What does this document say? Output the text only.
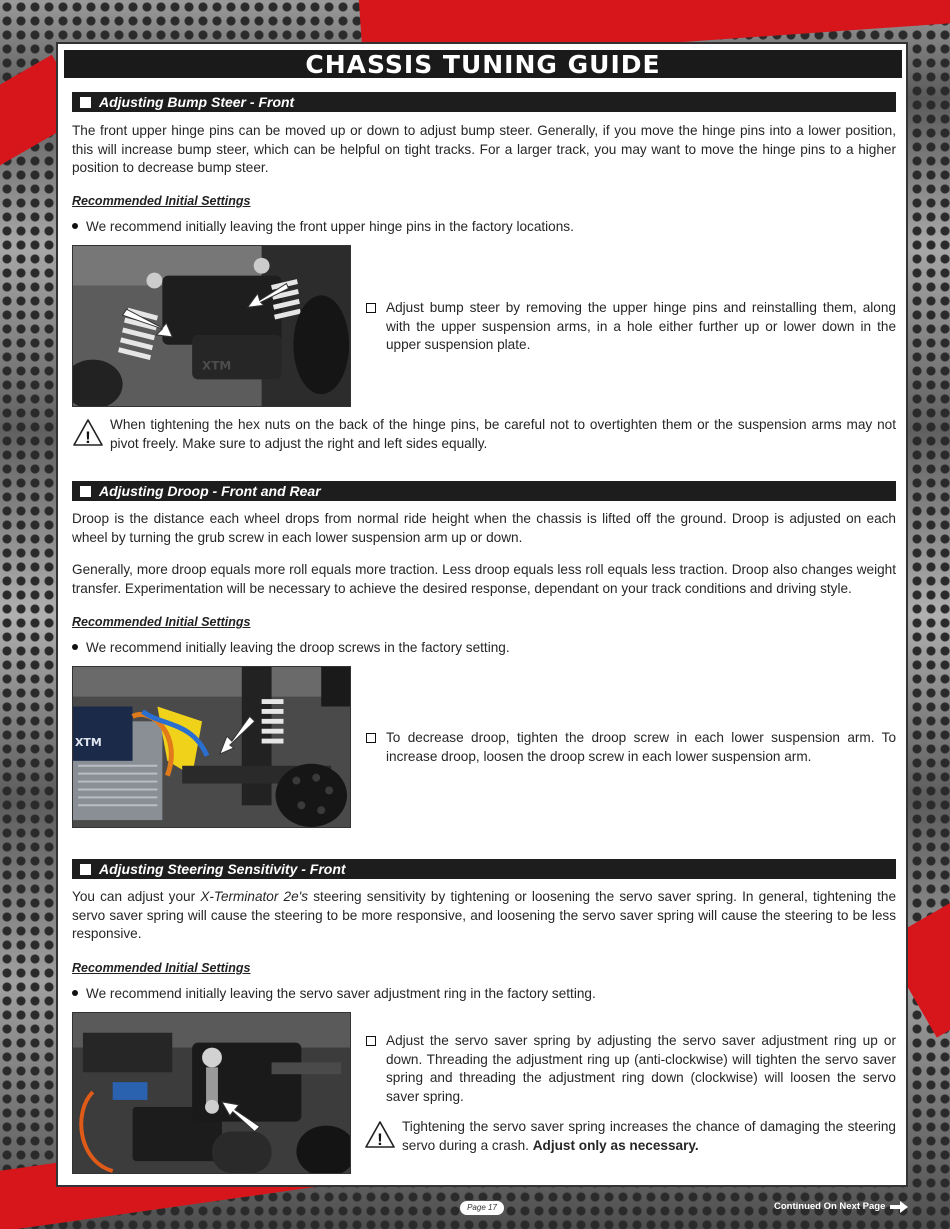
CHASSIS TUNING GUIDE
Adjusting Bump Steer - Front
The front upper hinge pins can be moved up or down to adjust bump steer. Generally, if you move the hinge pins into a lower position, this will increase bump steer, which can be helpful on tight tracks. For a larger track, you may want to move the hinge pins to a higher position to decrease bump steer.
Recommended Initial Settings
We recommend initially leaving the front upper hinge pins in the factory locations.
XTM
Adjust bump steer by removing the upper hinge pins and reinstalling them, along with the upper suspension arms, in a hole either further up or lower down in the upper suspension plate.
!
When tightening the hex nuts on the back of the hinge pins, be careful not to overtighten them or the suspension arms may not pivot freely. Make sure to adjust the right and left sides equally.
Adjusting Droop - Front and Rear
Droop is the distance each wheel drops from normal ride height when the chassis is lifted off the ground. Droop is adjusted on each wheel by turning the grub screw in each lower suspension arm up or down.
Generally, more droop equals more roll equals more traction. Less droop equals less roll equals less traction. Droop also changes weight transfer. Experimentation will be necessary to achieve the desired response, dependant on your track conditions and driving style.
Recommended Initial Settings
We recommend initially leaving the droop screws in the factory setting.
XTM	To decrease droop, tighten the droop screw in each lower suspension arm. To increase droop, loosen the droop screw in each lower suspension arm.
Adjusting Steering Sensitivity - Front
You can adjust your X-Terminator 2e's steering sensitivity by tightening or loosening the servo saver spring. In general, tightening the servo saver spring will cause the steering to be more responsive, and loosening the servo saver spring will cause the steering to be less responsive.
Recommended Initial Settings
We recommend initially leaving the servo saver adjustment ring in the factory setting.
Adjust the servo saver spring by adjusting the servo saver adjustment ring up or down. Threading the adjustment ring up (anti-clockwise) will tighten the servo saver spring and threading the adjustment ring down (clockwise) will loosen the servo saver spring.
!
Tightening the servo saver spring increases the chance of damaging the steering servo during a crash. Adjust only as necessary.
Page 17	Continued On Next Page
